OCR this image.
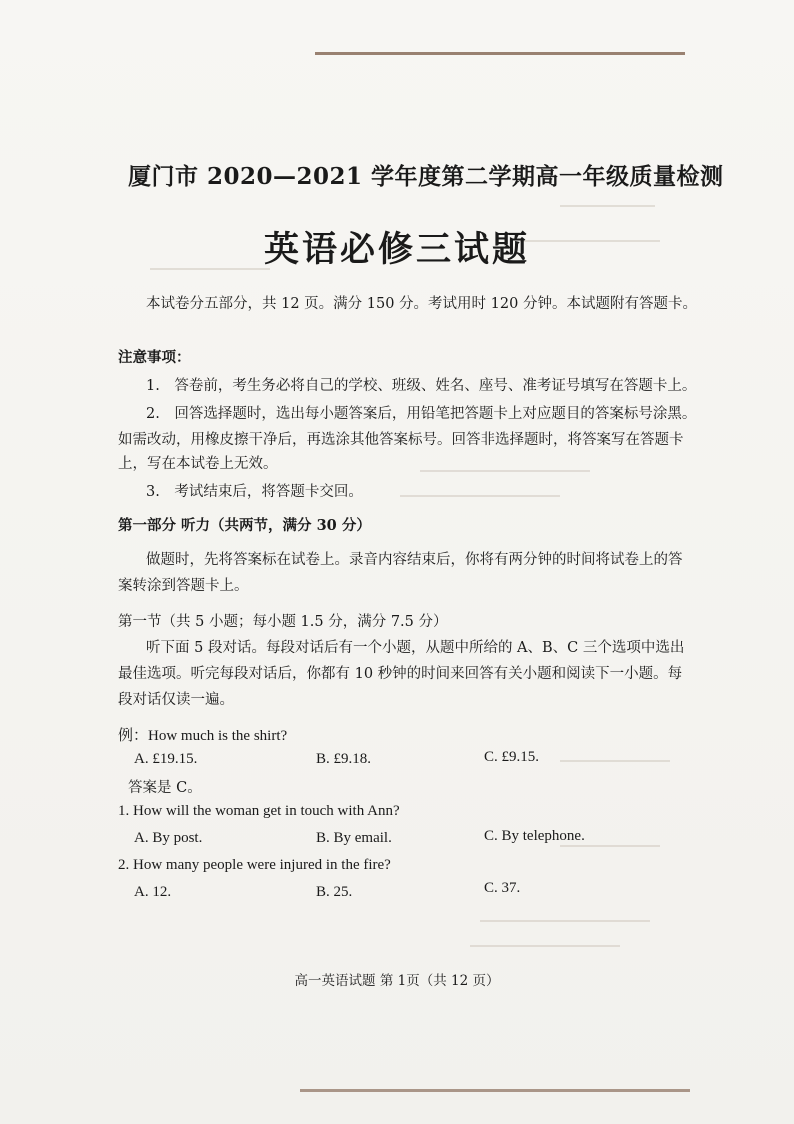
厦门市 2020—2021 学年度第二学期高一年级质量检测
英语必修三试题
本试卷分五部分，共 12 页。满分 150 分。考试用时 120 分钟。本试题附有答题卡。
注意事项：
1.　答卷前，考生务必将自己的学校、班级、姓名、座号、准考证号填写在答题卡上。
2.　回答选择题时，选出每小题答案后，用铅笔把答题卡上对应题目的答案标号涂黑。
如需改动，用橡皮擦干净后，再选涂其他答案标号。回答非选择题时，将答案写在答题卡
上，写在本试卷上无效。
3.　考试结束后，将答题卡交回。
第一部分 听力（共两节，满分 30 分）
做题时，先将答案标在试卷上。录音内容结束后，你将有两分钟的时间将试卷上的答
案转涂到答题卡上。
第一节（共 5 小题；每小题 1.5 分，满分 7.5 分）
听下面 5 段对话。每段对话后有一个小题，从题中所给的 A、B、C 三个选项中选出
最佳选项。听完每段对话后，你都有 10 秒钟的时间来回答有关小题和阅读下一小题。每
段对话仅读一遍。
例：How much is the shirt?
A. £19.15.	B. £9.18.	C. £9.15.
答案是 C。
1. How will the woman get in touch with Ann?
A. By post.	B. By email.	C. By telephone.
2. How many people were injured in the fire?
A. 12.	B. 25.	C. 37.
高一英语试题 第 1页（共 12 页）
